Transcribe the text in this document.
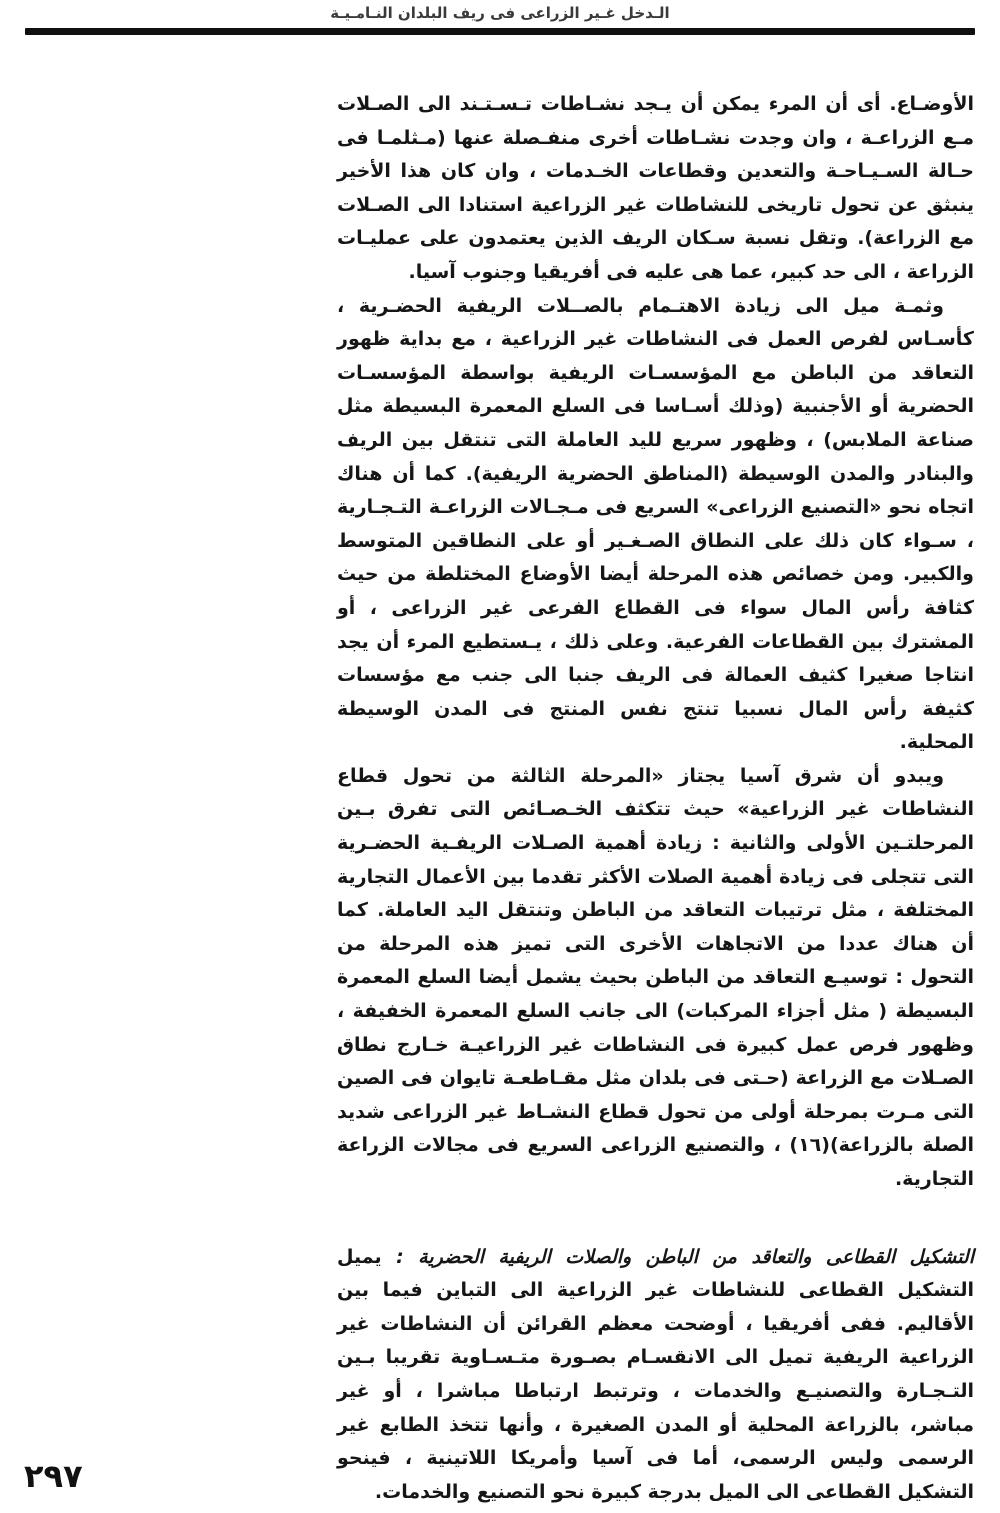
الـدخل غـير الزراعى فى ريف البلدان النـامـيـة

الأوضـاع. أى أن المرء يمكن أن يـجد نشـاطات تـسـتـند الى الصـلات مـع الزراعـة ، وان وجدت نشـاطات أخرى منفـصلة عنها (مـثلمـا فى حـالة السـيـاحـة والتعدين وقطاعات الخـدمات ، وان كان هذا الأخير ينبثق عن تحول تاريخى للنشاطات غير الزراعية استنادا الى الصـلات مع الزراعة). وتقل نسبة سـكان الريف الذين يعتمدون على عمليـات الزراعة ، الى حد كبير، عما هى عليه فى أفريقيا وجنوب آسيا.

وثمـة ميل الى زيادة الاهتـمام بالصــلات الريفية الحضـرية ، كأسـاس لفرص العمل فى النشاطات غير الزراعية ، مع بداية ظهور التعاقد من الباطن مع المؤسسـات الريفية بواسطة المؤسسـات الحضرية أو الأجنبية (وذلك أسـاسا فى السلع المعمرة البسيطة مثل صناعة الملابس) ، وظهور سريع لليد العاملة التى تنتقل بين الريف والبنادر والمدن الوسيطة (المناطق الحضرية الريفية). كما أن هناك اتجاه نحو «التصنيع الزراعى» السريع فى مـجـالات الزراعـة التـجـارية ، سـواء كان ذلك على النطاق الصـغـير أو على النطاقين المتوسط والكبير. ومن خصائص هذه المرحلة أيضا الأوضاع المختلطة من حيث كثافة رأس المال سواء فى القطاع الفرعى غير الزراعى ، أو المشترك بين القطاعات الفرعية. وعلى ذلك ، يـستطيع المرء أن يجد انتاجا صغيرا كثيف العمالة فى الريف جنبا الى جنب مع مؤسسات كثيفة رأس المال نسبيا تنتج نفس المنتج فى المدن الوسيطة المحلية.

ويبدو أن شرق آسيا يجتاز «المرحلة الثالثة من تحول قطاع النشاطات غير الزراعية» حيث تتكثف الخـصـائص التى تفرق بـين المرحلتـين الأولى والثانية : زيادة أهمية الصـلات الريفـية الحضـرية التى تتجلى فى زيادة أهمية الصلات الأكثر تقدما بين الأعمال التجارية المختلفة ، مثل ترتيبات التعاقد من الباطن وتنتقل اليد العاملة. كما أن هناك عددا من الاتجاهات الأخرى التى تميز هذه المرحلة من التحول : توسيـع التعاقد من الباطن بحيث يشمل أيضا السلع المعمرة البسيطة ( مثل أجزاء المركبات) الى جانب السلع المعمرة الخفيفة ، وظهور فرص عمل كبيرة فى النشاطات غير الزراعيـة خـارج نطاق الصـلات مع الزراعة (حـتى فى بلدان مثل مقـاطعـة تايوان فى الصين التى مـرت بمرحلة أولى من تحول قطاع النشـاط غير الزراعى شديد الصلة بالزراعة)(١٦) ، والتصنيع الزراعى السريع فى مجالات الزراعة التجارية.

التشكيل القطاعى والتعاقد من الباطن والصلات الريفية الحضرية : يميل التشكيل القطاعى للنشاطات غير الزراعية الى التباين فيما بين الأقاليم. ففى أفريقيا ، أوضحت معظم القرائن أن النشاطات غير الزراعية الريفية تميل الى الانقسـام بصـورة متـسـاوية تقريبا بـين التـجـارة والتصنيـع والخدمات ، وترتبط ارتباطا مباشرا ، أو غير مباشر، بالزراعة المحلية أو المدن الصغيرة ، وأنها تتخذ الطابع غير الرسمى وليس الرسمى، أما فى آسيا وأمريكا اللاتينية ، فينحو التشكيل القطاعى الى الميل بدرجة كبيرة نحو التصنيع والخدمات.

٢٩٧
